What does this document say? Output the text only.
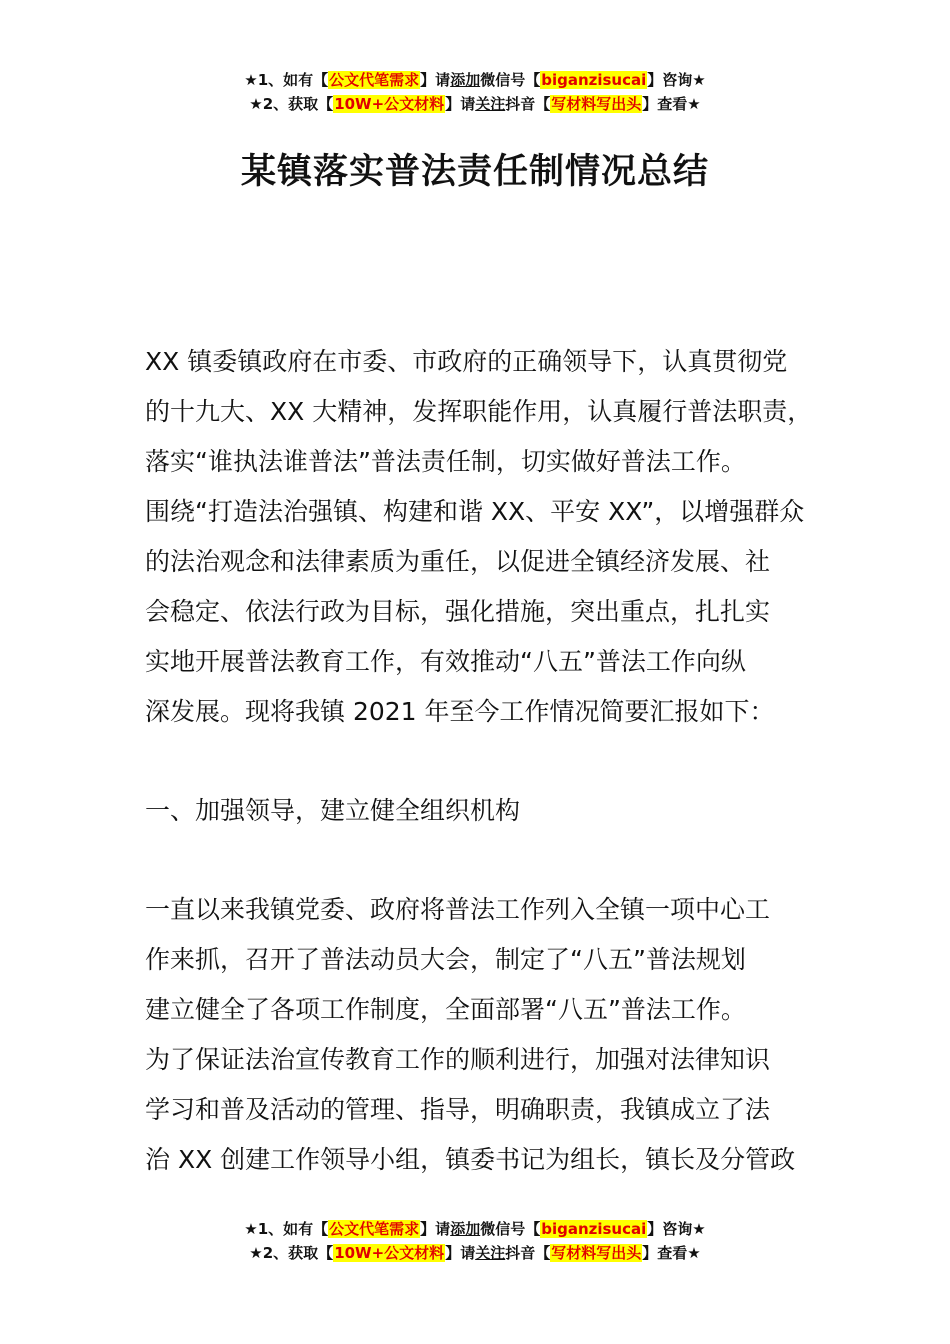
★1、如有【公文代笔需求】请添加微信号【biganzisucai】咨询★
★2、获取【10W+公文材料】请关注抖音【写材料写出头】查看★
某镇落实普法责任制情况总结
XX 镇委镇政府在市委、市政府的正确领导下，认真贯彻党
的十九大、XX 大精神，发挥职能作用，认真履行普法职责，
落实“谁执法谁普法”普法责任制，切实做好普法工作。
围绕“打造法治强镇、构建和谐 XX、平安 XX”，以增强群众
的法治观念和法律素质为重任，以促进全镇经济发展、社
会稳定、依法行政为目标，强化措施，突出重点，扎扎实
实地开展普法教育工作，有效推动“八五”普法工作向纵
深发展。现将我镇 2021 年至今工作情况简要汇报如下：
一、加强领导，建立健全组织机构
一直以来我镇党委、政府将普法工作列入全镇一项中心工
作来抓，召开了普法动员大会，制定了“八五”普法规划
建立健全了各项工作制度，全面部署“八五”普法工作。
为了保证法治宣传教育工作的顺利进行，加强对法律知识
学习和普及活动的管理、指导，明确职责，我镇成立了法
治 XX 创建工作领导小组，镇委书记为组长，镇长及分管政
★1、如有【公文代笔需求】请添加微信号【biganzisucai】咨询★
★2、获取【10W+公文材料】请关注抖音【写材料写出头】查看★
